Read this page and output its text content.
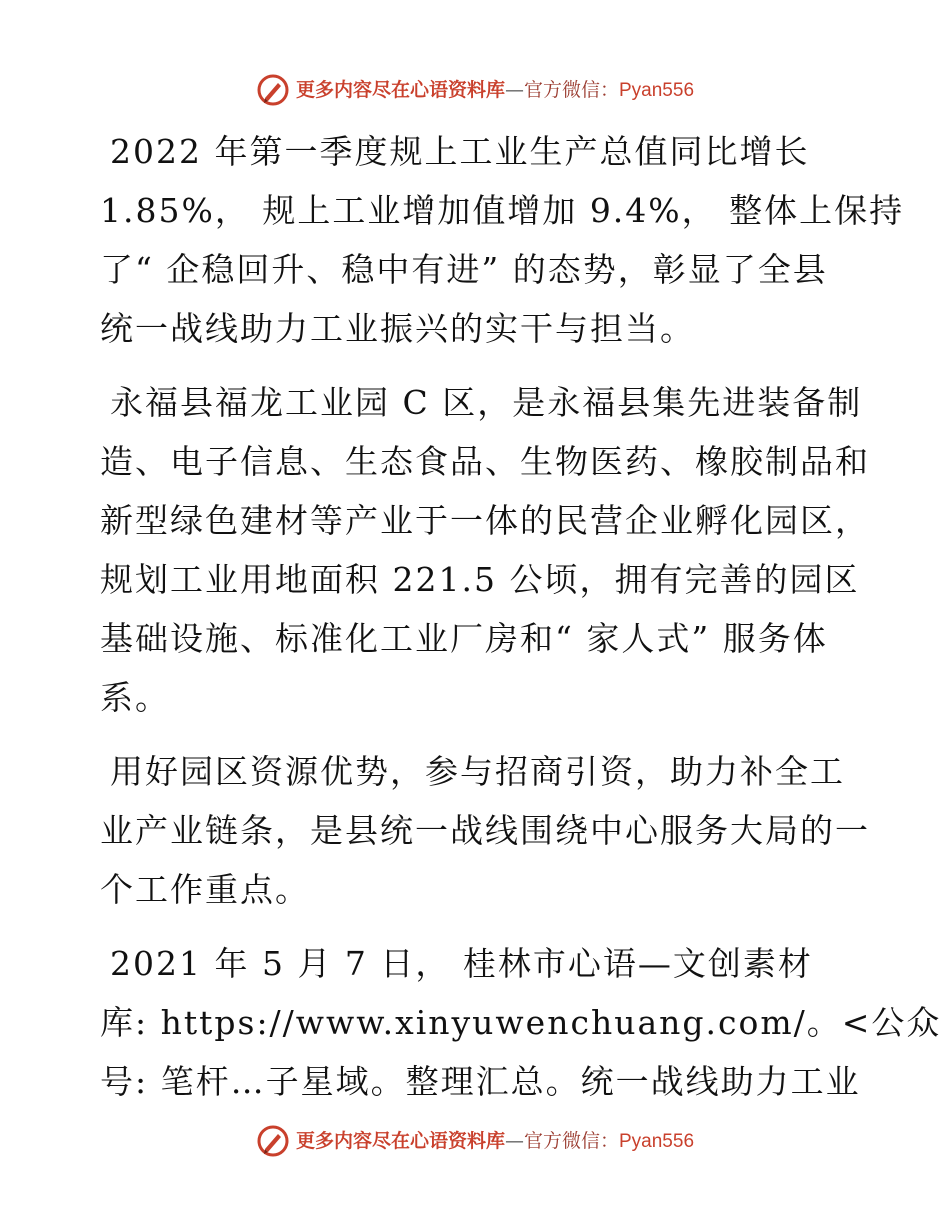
更多内容尽在心语资料库—官方微信：Pyan556
2022 年第一季度规上工业生产总值同比增长
1.85%， 规上工业增加值增加 9.4%， 整体上保持
了“ 企稳回升、稳中有进” 的态势，彰显了全县
统一战线助力工业振兴的实干与担当。
永福县福龙工业园 C 区，是永福县集先进装备制
造、电子信息、生态食品、生物医药、橡胶制品和
新型绿色建材等产业于一体的民营企业孵化园区，
规划工业用地面积 221.5 公顷，拥有完善的园区
基础设施、标准化工业厂房和“ 家人式” 服务体
系。
用好园区资源优势，参与招商引资，助力补全工
业产业链条，是县统一战线围绕中心服务大局的一
个工作重点。
2021 年 5 月 7 日， 桂林市心语—文创素材
库: https://www.xinyuwenchuang.com/。<公众
号: 笔杆…子星域。整理汇总。统一战线助力工业
更多内容尽在心语资料库—官方微信：Pyan556
